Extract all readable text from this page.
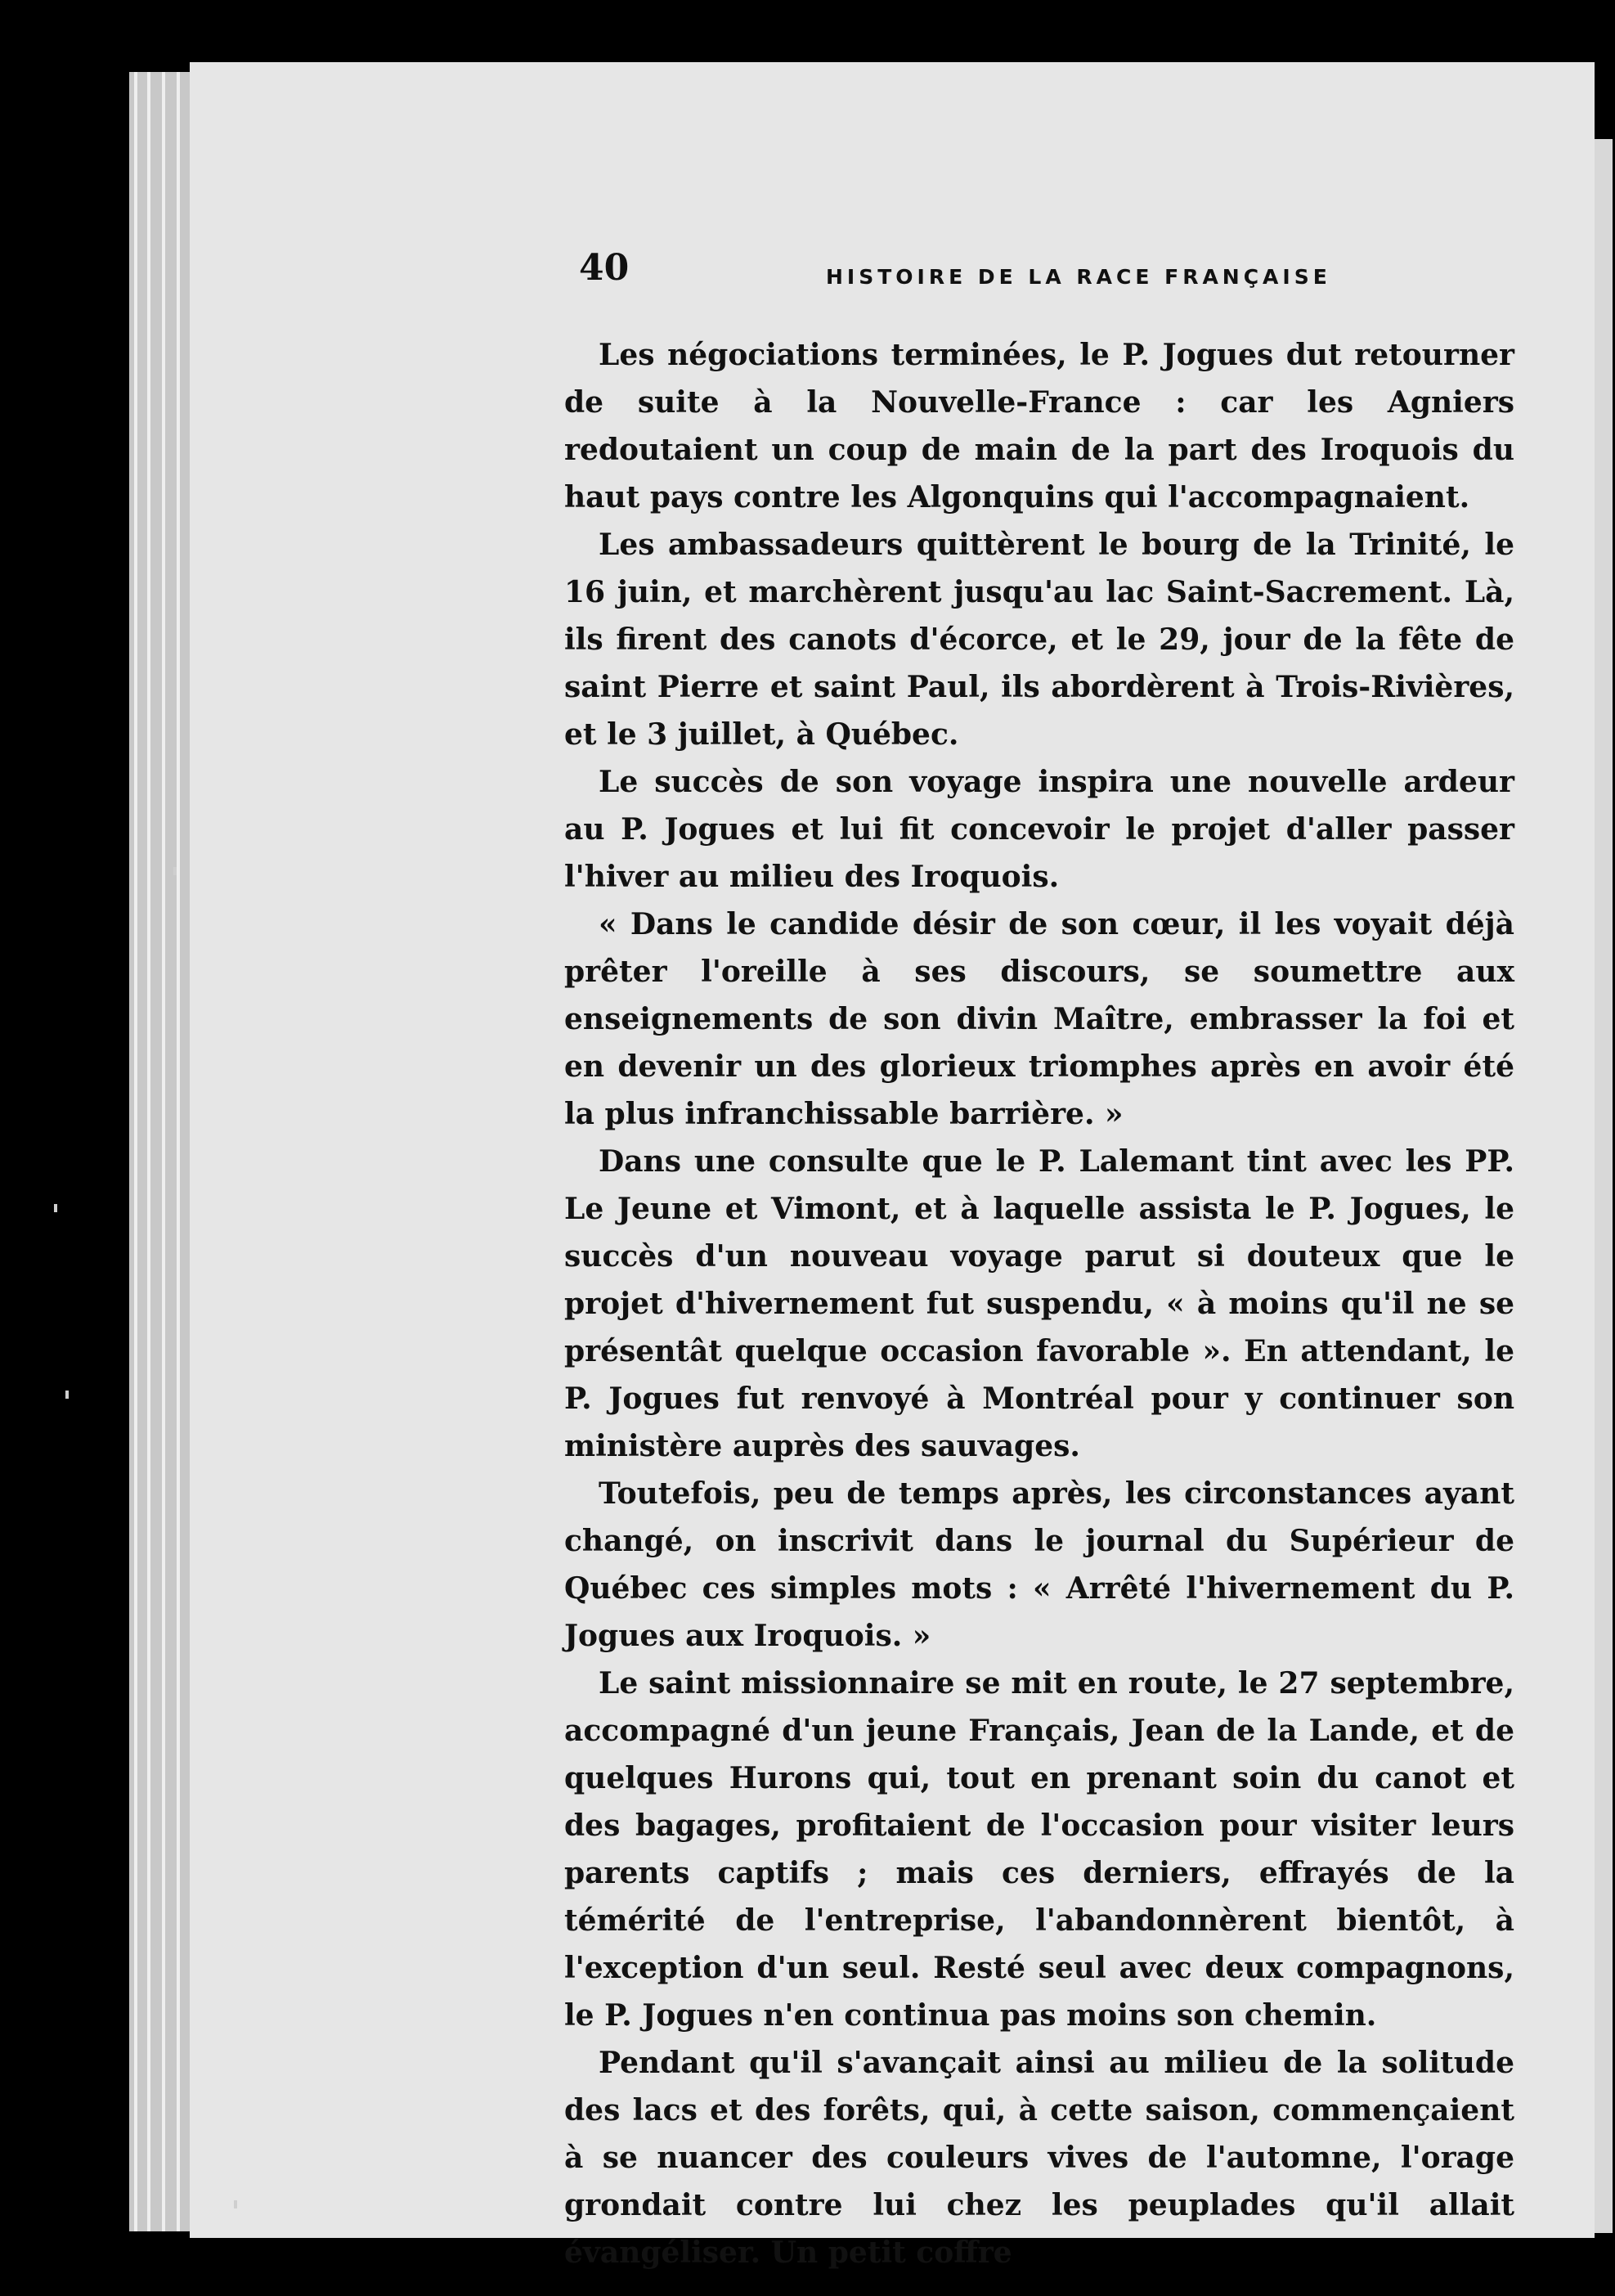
40	HISTOIRE DE LA RACE FRANÇAISE

Les négociations terminées, le P. Jogues dut retourner de suite à la Nouvelle-France : car les Agniers redoutaient un coup de main de la part des Iroquois du haut pays contre les Algonquins qui l'accompagnaient.

Les ambassadeurs quittèrent le bourg de la Trinité, le 16 juin, et marchèrent jusqu'au lac Saint-Sacrement. Là, ils firent des canots d'écorce, et le 29, jour de la fête de saint Pierre et saint Paul, ils abordèrent à Trois-Rivières, et le 3 juillet, à Québec.

Le succès de son voyage inspira une nouvelle ardeur au P. Jogues et lui fit concevoir le projet d'aller passer l'hiver au milieu des Iroquois.

« Dans le candide désir de son cœur, il les voyait déjà prêter l'oreille à ses discours, se soumettre aux enseignements de son divin Maître, embrasser la foi et en devenir un des glorieux triomphes après en avoir été la plus infranchissable barrière. »

Dans une consulte que le P. Lalemant tint avec les PP. Le Jeune et Vimont, et à laquelle assista le P. Jogues, le succès d'un nouveau voyage parut si douteux que le projet d'hivernement fut suspendu, « à moins qu'il ne se présentât quelque occasion favorable ». En attendant, le P. Jogues fut renvoyé à Montréal pour y continuer son ministère auprès des sauvages.

Toutefois, peu de temps après, les circonstances ayant changé, on inscrivit dans le journal du Supérieur de Québec ces simples mots : « Arrêté l'hivernement du P. Jogues aux Iroquois. »

Le saint missionnaire se mit en route, le 27 septembre, accompagné d'un jeune Français, Jean de la Lande, et de quelques Hurons qui, tout en prenant soin du canot et des bagages, profitaient de l'occasion pour visiter leurs parents captifs ; mais ces derniers, effrayés de la témérité de l'entreprise, l'abandonnèrent bientôt, à l'exception d'un seul. Resté seul avec deux compagnons, le P. Jogues n'en continua pas moins son chemin.

Pendant qu'il s'avançait ainsi au milieu de la solitude des lacs et des forêts, qui, à cette saison, commençaient à se nuancer des couleurs vives de l'automne, l'orage grondait contre lui chez les peuplades qu'il allait évangéliser. Un petit coffre
